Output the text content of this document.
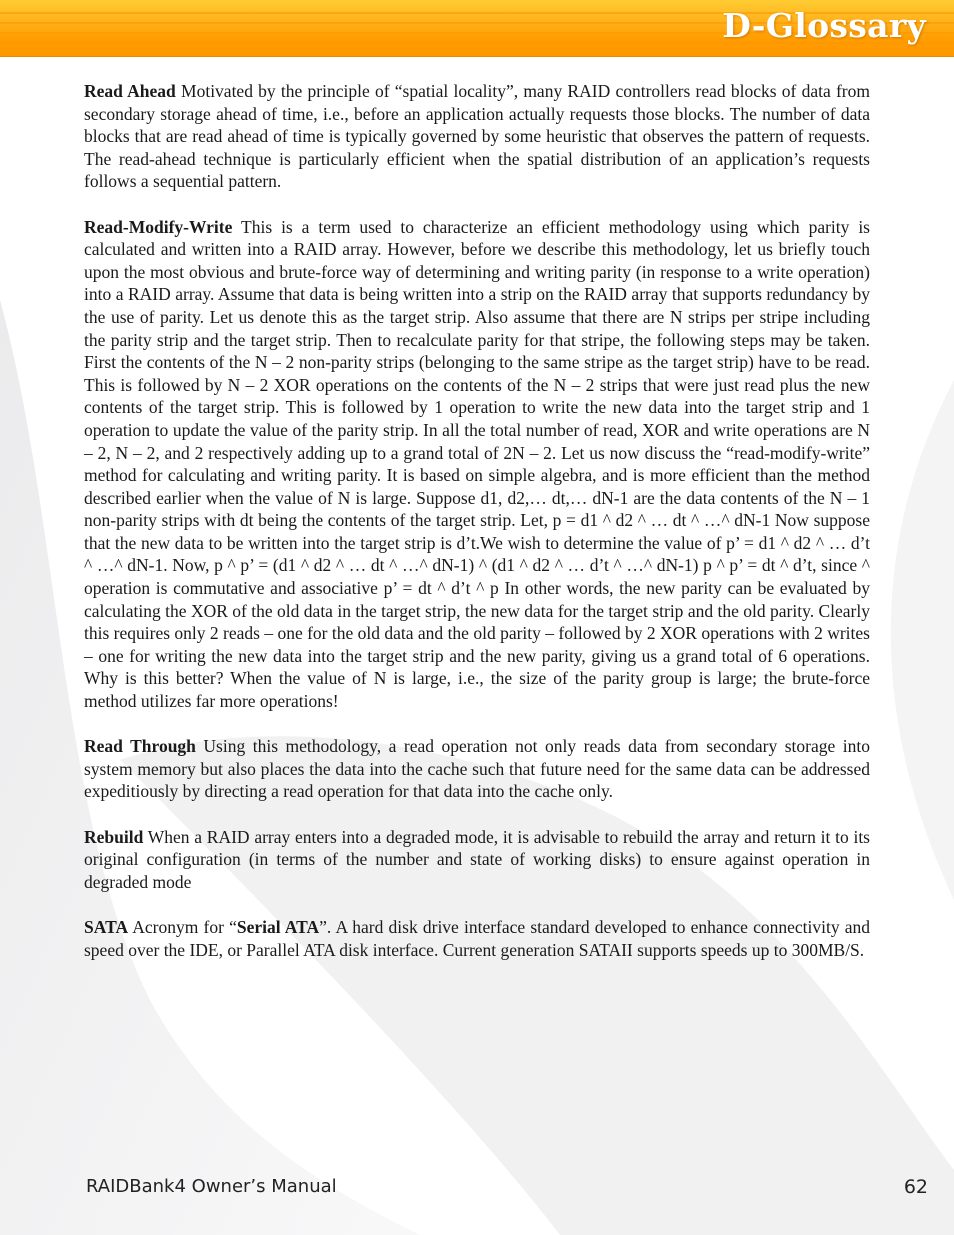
D-Glossary

Read Ahead Motivated by the principle of “spatial locality”, many RAID controllers read blocks of data from secondary storage ahead of time, i.e., before an application actually requests those blocks. The number of data blocks that are read ahead of time is typically governed by some heuristic that observes the pattern of requests. The read-ahead technique is particularly efficient when the spatial distribution of an application’s requests follows a sequential pattern.

Read-Modify-Write This is a term used to characterize an efficient methodology using which parity is calculated and written into a RAID array. However, before we describe this methodology, let us briefly touch upon the most obvious and brute-force way of determining and writing parity (in response to a write operation) into a RAID array. Assume that data is being written into a strip on the RAID array that supports redundancy by the use of parity. Let us denote this as the target strip. Also assume that there are N strips per stripe including the parity strip and the target strip. Then to recalculate parity for that stripe, the following steps may be taken. First the contents of the N – 2 non-parity strips (belonging to the same stripe as the target strip) have to be read. This is followed by N – 2 XOR operations on the contents of the N – 2 strips that were just read plus the new contents of the target strip. This is followed by 1 operation to write the new data into the target strip and 1 operation to update the value of the parity strip. In all the total number of read, XOR and write operations are N – 2, N – 2, and 2 respectively adding up to a grand total of 2N – 2. Let us now discuss the “read-modify-write” method for calculating and writing parity. It is based on simple algebra, and is more efficient than the method described earlier when the value of N is large. Suppose d1, d2,… dt,… dN-1 are the data contents of the N – 1 non-parity strips with dt being the contents of the target strip. Let, p = d1 ^ d2 ^ … dt ^ …^ dN-1 Now suppose that the new data to be written into the target strip is d’t.We wish to determine the value of p’ = d1 ^ d2 ^ … d’t ^ …^ dN-1. Now, p ^ p’ = (d1 ^ d2 ^ … dt ^ …^ dN-1) ^ (d1 ^ d2 ^ … d’t ^ …^ dN-1) p ^ p’ = dt ^ d’t, since ^ operation is commutative and associative p’ = dt ^ d’t ^ p In other words, the new parity can be evaluated by calculating the XOR of the old data in the target strip, the new data for the target strip and the old parity. Clearly this requires only 2 reads – one for the old data and the old parity – followed by 2 XOR operations with 2 writes – one for writing the new data into the target strip and the new parity, giving us a grand total of 6 operations. Why is this better? When the value of N is large, i.e., the size of the parity group is large; the brute-force method utilizes far more operations!

Read Through Using this methodology, a read operation not only reads data from secondary storage into system memory but also places the data into the cache such that future need for the same data can be addressed expeditiously by directing a read operation for that data into the cache only.

Rebuild When a RAID array enters into a degraded mode, it is advisable to rebuild the array and return it to its original configuration (in terms of the number and state of working disks) to ensure against operation in degraded mode

SATA Acronym for “Serial ATA”. A hard disk drive interface standard developed to enhance connectivity and speed over the IDE, or Parallel ATA disk interface. Current generation SATAII supports speeds up to 300MB/S.

RAIDBank4 Owner’s Manual	62
